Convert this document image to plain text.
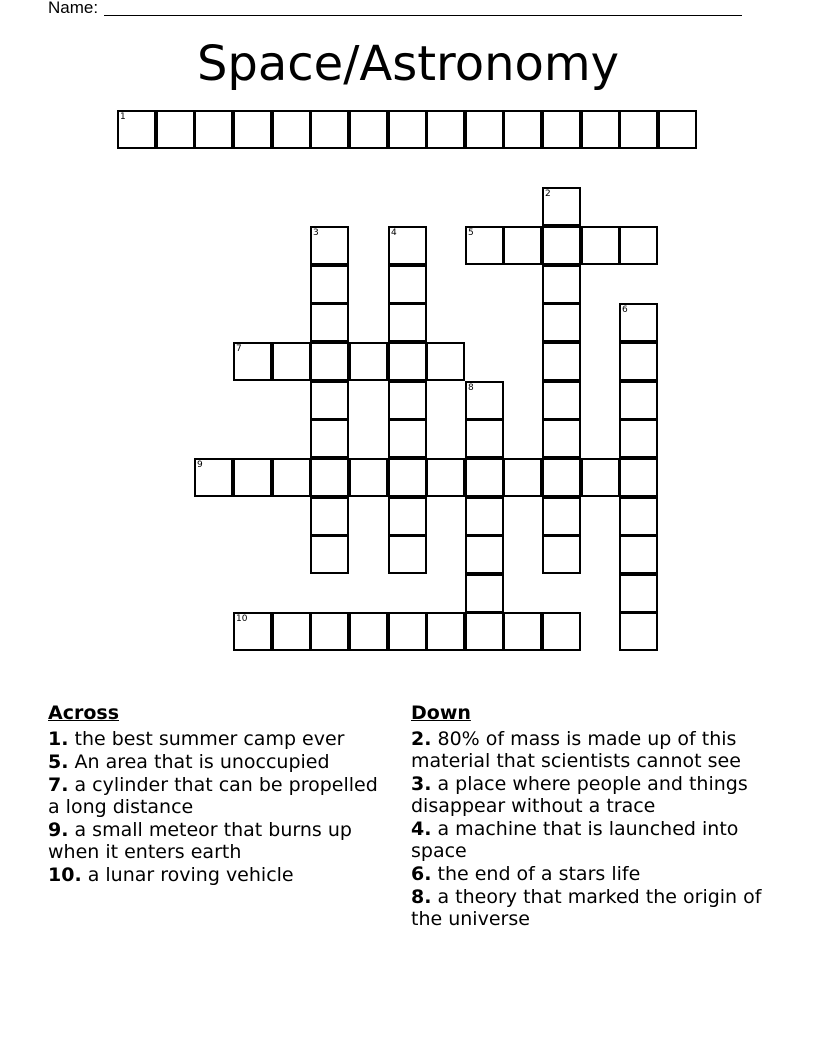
Name:
Space/Astronomy
1
2
3	4	5
6
7
8
9
10
Across
1. the best summer camp ever
5. An area that is unoccupied
7. a cylinder that can be propelled a long distance
9. a small meteor that burns up when it enters earth
10. a lunar roving vehicle
Down
2. 80% of mass is made up of this material that scientists cannot see
3. a place where people and things disappear without a trace
4. a machine that is launched into space
6. the end of a stars life
8. a theory that marked the origin of the universe
